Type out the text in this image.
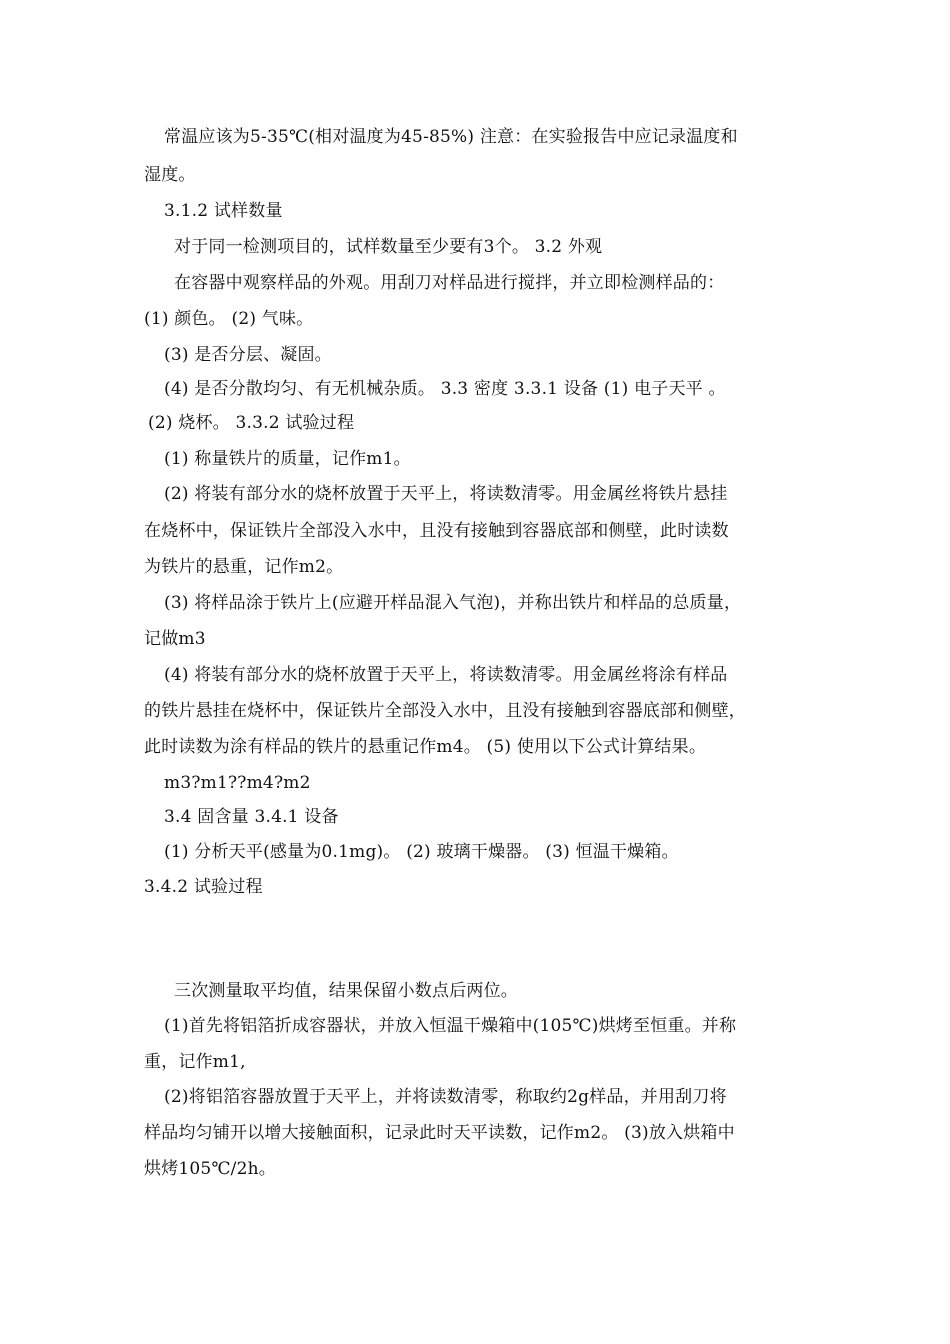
常温应该为5-35℃(相对温度为45-85%) 注意：在实验报告中应记录温度和
湿度。
3.1.2 试样数量
对于同一检测项目的，试样数量至少要有3个。 3.2 外观
在容器中观察样品的外观。用刮刀对样品进行搅拌，并立即检测样品的：
(1) 颜色。 (2) 气味。
(3) 是否分层、凝固。
(4) 是否分散均匀、有无机械杂质。 3.3 密度 3.3.1 设备 (1) 电子天平 。
(2) 烧杯。 3.3.2 试验过程
(1) 称量铁片的质量，记作m1。
(2) 将装有部分水的烧杯放置于天平上，将读数清零。用金属丝将铁片悬挂
在烧杯中，保证铁片全部没入水中，且没有接触到容器底部和侧壁，此时读数
为铁片的悬重，记作m2。
(3) 将样品涂于铁片上(应避开样品混入气泡)，并称出铁片和样品的总质量，
记做m3
(4) 将装有部分水的烧杯放置于天平上，将读数清零。用金属丝将涂有样品
的铁片悬挂在烧杯中，保证铁片全部没入水中，且没有接触到容器底部和侧壁，
此时读数为涂有样品的铁片的悬重记作m4。 (5) 使用以下公式计算结果。
m3?m1??m4?m2
3.4 固含量 3.4.1 设备
(1) 分析天平(感量为0.1mg)。 (2) 玻璃干燥器。 (3) 恒温干燥箱。
3.4.2 试验过程
三次测量取平均值，结果保留小数点后两位。
(1)首先将铝箔折成容器状，并放入恒温干燥箱中(105℃)烘烤至恒重。并称
重，记作m1,
(2)将铝箔容器放置于天平上，并将读数清零，称取约2g样品，并用刮刀将
样品均匀铺开以增大接触面积，记录此时天平读数，记作m2。 (3)放入烘箱中
烘烤105℃/2h。
